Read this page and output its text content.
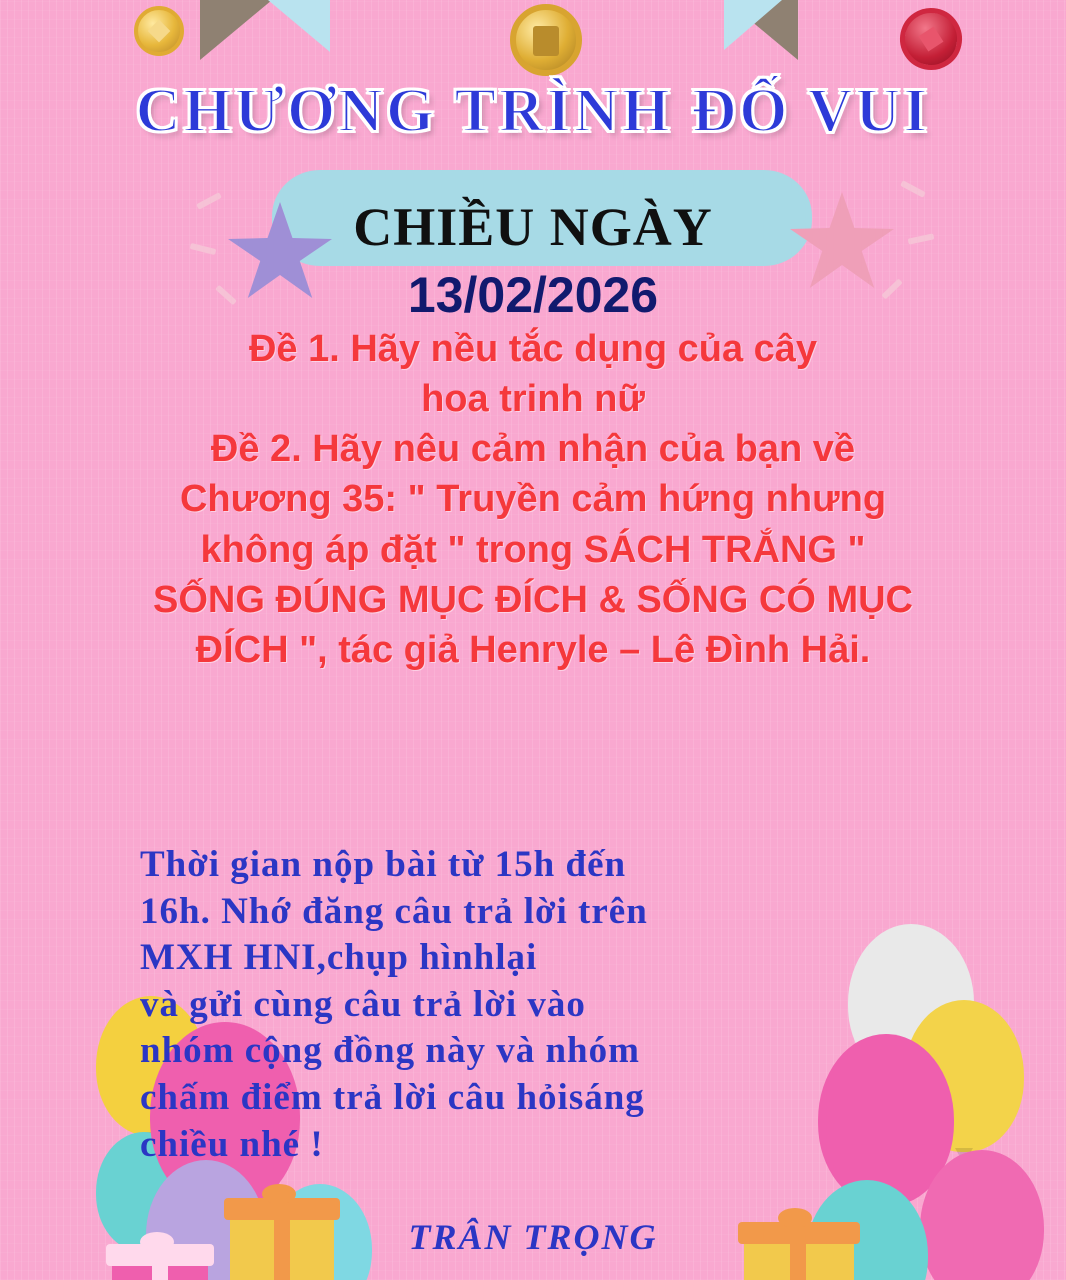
CHƯƠNG TRÌNH ĐỐ VUI
CHIỀU NGÀY
13/02/2026
Đề 1. Hãy nều tắc dụng của cây
hoa trinh nữ
Đề 2. Hãy nêu cảm nhận của bạn về
Chương 35: " Truyền cảm hứng nhưng
không áp đặt " trong SÁCH TRẮNG "
SỐNG ĐÚNG MỤC ĐÍCH & SỐNG CÓ MỤC
ĐÍCH ", tác giả Henryle – Lê Đình Hải.
Thời gian nộp bài từ 15h đến
16h. Nhớ đăng câu trả lời trên
MXH HNI,chụp hìnhlại
và gửi cùng câu trả lời vào
nhóm cộng đồng này và nhóm
chấm điểm trả lời câu hỏisáng
chiều nhé !
TRÂN TRỌNG
